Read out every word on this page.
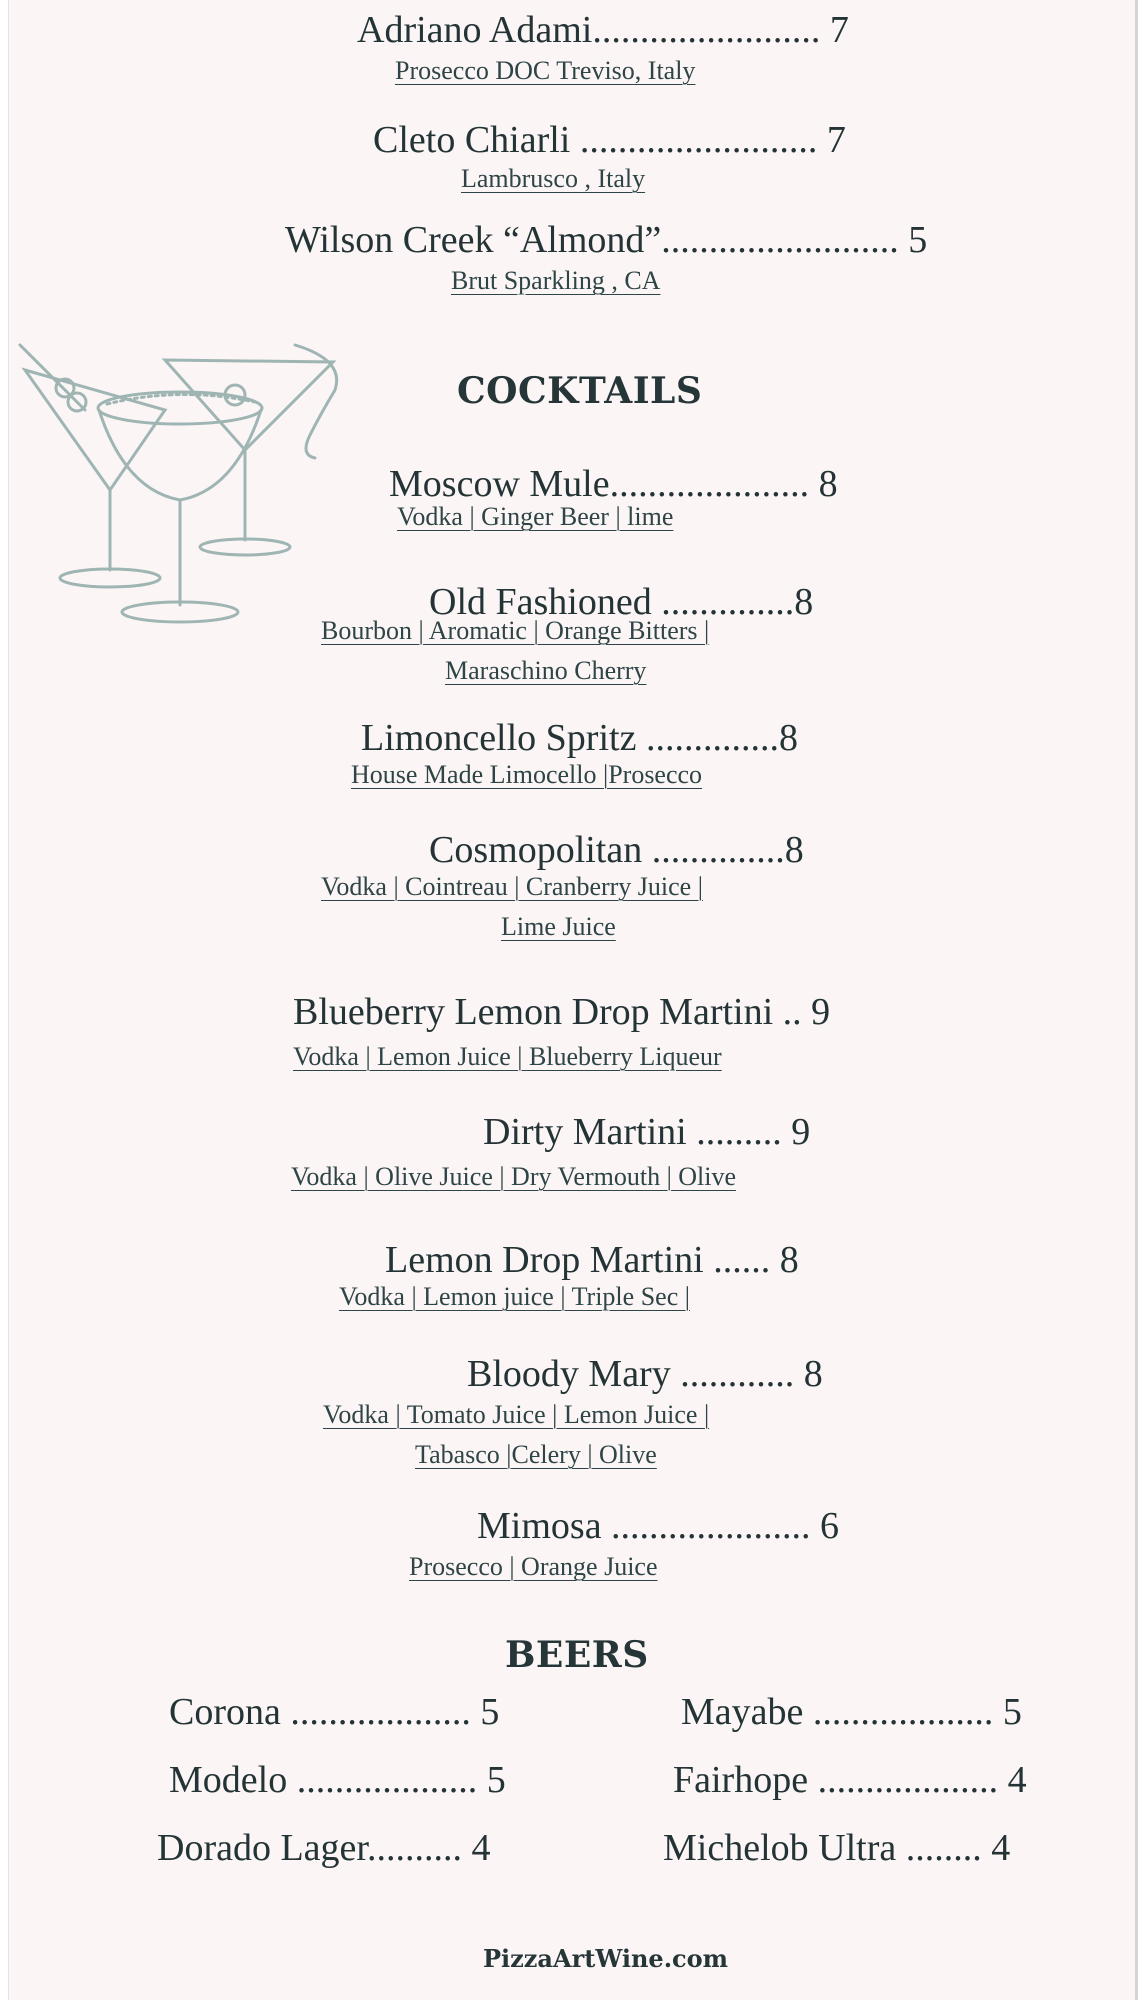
Adriano Adami........................ 7
Prosecco DOC Treviso, Italy
Cleto Chiarli ......................... 7
Lambrusco , Italy
Wilson Creek “Almond”......................... 5
Brut Sparkling , CA
COCKTAILS
Moscow Mule..................... 8
Vodka | Ginger Beer | lime
Old Fashioned ..............8
Bourbon | Aromatic | Orange Bitters |
Maraschino Cherry
Limoncello Spritz ..............8
House Made Limocello |Prosecco
Cosmopolitan ..............8
Vodka | Cointreau | Cranberry Juice |
Lime Juice
Blueberry Lemon Drop Martini .. 9
Vodka | Lemon Juice | Blueberry Liqueur
Dirty Martini ......... 9
Vodka | Olive Juice | Dry Vermouth | Olive
Lemon Drop Martini ...... 8
Vodka | Lemon juice | Triple Sec |
Bloody Mary ............ 8
Vodka | Tomato Juice | Lemon Juice |
Tabasco |Celery | Olive
Mimosa ..................... 6
Prosecco | Orange Juice
BEERS
Corona ................... 5
Modelo ................... 5
Dorado Lager.......... 4
Mayabe ................... 5
Fairhope ................... 4
Michelob Ultra ........ 4
PizzaArtWine.com
